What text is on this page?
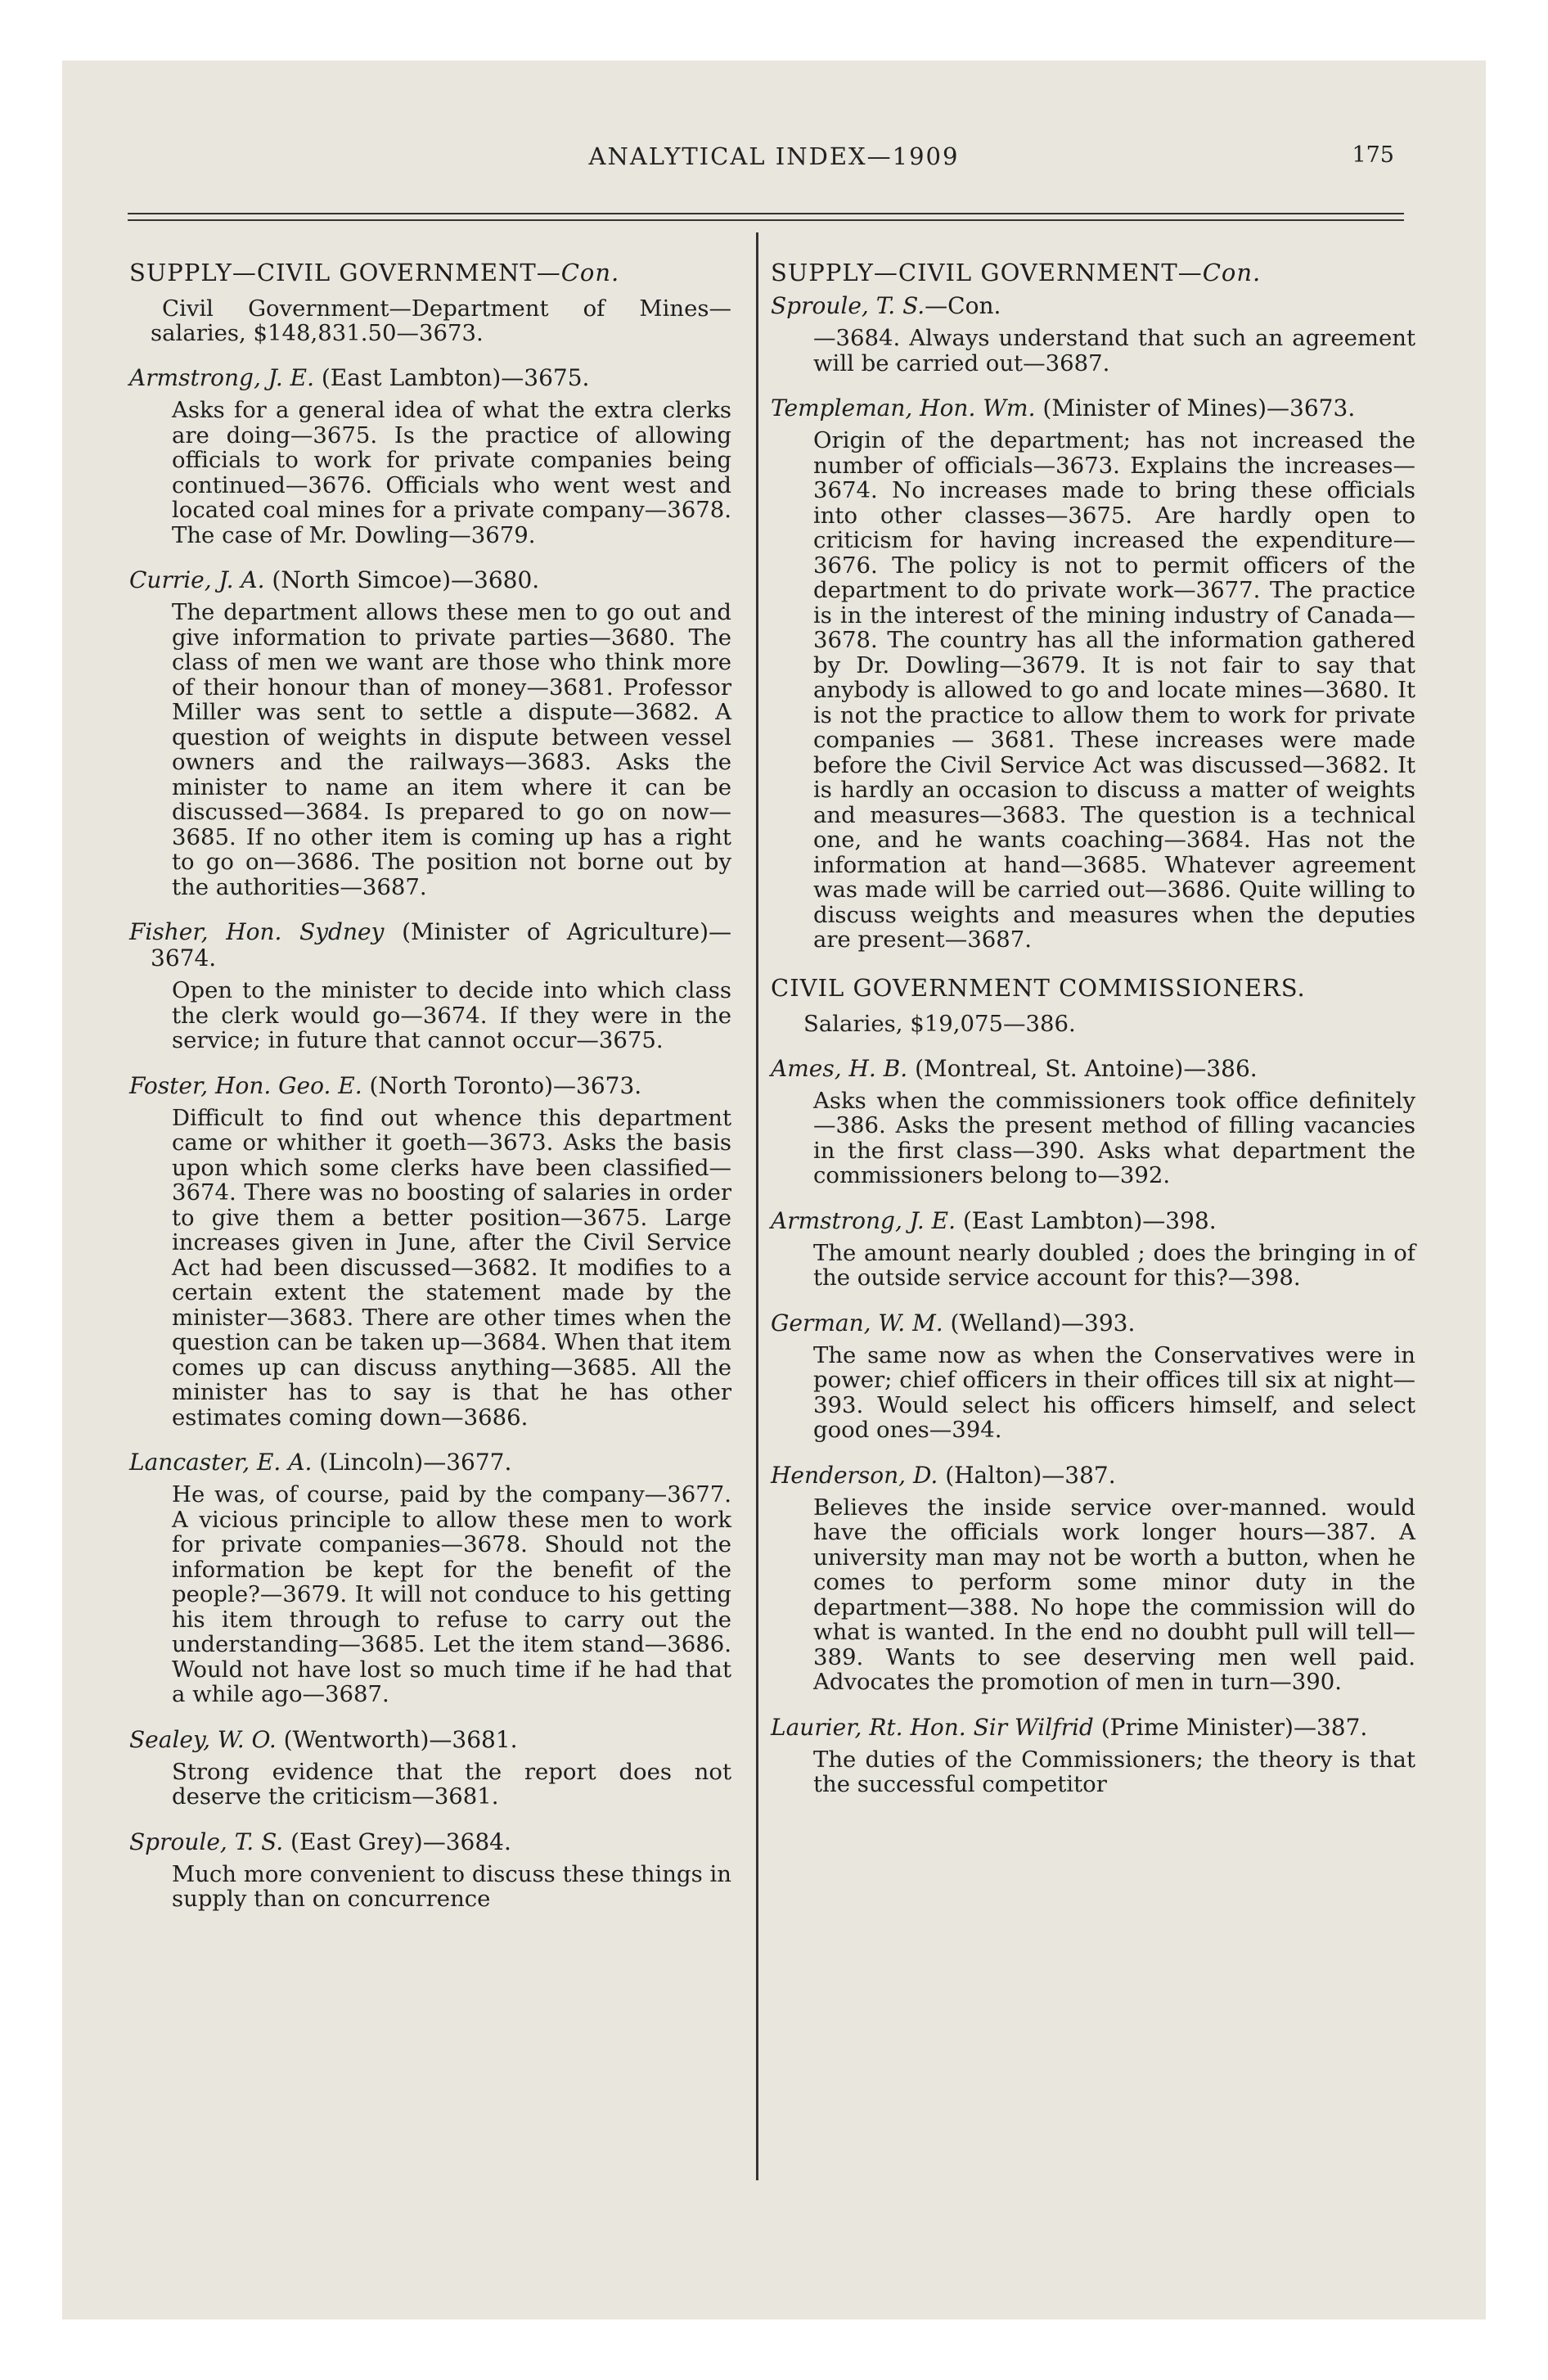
ANALYTICAL INDEX—1909	175
SUPPLY—CIVIL GOVERNMENT—Con.

Civil Government—Department of Mines—salaries, $148,831.50—3673.

Armstrong, J. E. (East Lambton)—3675.
Asks for a general idea of what the extra clerks are doing—3675. Is the practice of allowing officials to work for private companies being continued—3676. Officials who went west and located coal mines for a private company—3678. The case of Mr. Dowling—3679.
Currie, J. A. (North Simcoe)—3680.
The department allows these men to go out and give information to private parties—3680. The class of men we want are those who think more of their honour than of money—3681. Professor Miller was sent to settle a dispute—3682. A question of weights in dispute between vessel owners and the railways—3683. Asks the minister to name an item where it can be discussed—3684. Is prepared to go on now—3685. If no other item is coming up has a right to go on—3686. The position not borne out by the authorities—3687.
Fisher, Hon. Sydney (Minister of Agriculture)—3674.
Open to the minister to decide into which class the clerk would go—3674. If they were in the service; in future that cannot occur—3675.
Foster, Hon. Geo. E. (North Toronto)—3673.
Difficult to find out whence this department came or whither it goeth—3673. Asks the basis upon which some clerks have been classified—3674. There was no boosting of salaries in order to give them a better position—3675. Large increases given in June, after the Civil Service Act had been discussed—3682. It modifies to a certain extent the statement made by the minister—3683. There are other times when the question can be taken up—3684. When that item comes up can discuss anything—3685. All the minister has to say is that he has other estimates coming down—3686.
Lancaster, E. A. (Lincoln)—3677.
He was, of course, paid by the company—3677. A vicious principle to allow these men to work for private companies—3678. Should not the information be kept for the benefit of the people?—3679. It will not conduce to his getting his item through to refuse to carry out the understanding—3685. Let the item stand—3686. Would not have lost so much time if he had that a while ago—3687.
Sealey, W. O. (Wentworth)—3681.
Strong evidence that the report does not deserve the criticism—3681.
Sproule, T. S. (East Grey)—3684.
Much more convenient to discuss these things in supply than on concurrence
SUPPLY—CIVIL GOVERNMENT—Con.
Sproule, T. S.—Con.
—3684. Always understand that such an agreement will be carried out—3687.
Templeman, Hon. Wm. (Minister of Mines)—3673.
Origin of the department; has not increased the number of officials—3673. Explains the increases—3674. No increases made to bring these officials into other classes—3675. Are hardly open to criticism for having increased the expenditure—3676. The policy is not to permit officers of the department to do private work—3677. The practice is in the interest of the mining industry of Canada—3678. The country has all the information gathered by Dr. Dowling—3679. It is not fair to say that anybody is allowed to go and locate mines—3680. It is not the practice to allow them to work for private companies — 3681. These increases were made before the Civil Service Act was discussed—3682. It is hardly an occasion to discuss a matter of weights and measures—3683. The question is a technical one, and he wants coaching—3684. Has not the information at hand—3685. Whatever agreement was made will be carried out—3686. Quite willing to discuss weights and measures when the deputies are present—3687.
CIVIL GOVERNMENT COMMISSIONERS.

Salaries, $19,075—386.

Ames, H. B. (Montreal, St. Antoine)—386.
Asks when the commissioners took office definitely—386. Asks the present method of filling vacancies in the first class—390. Asks what department the commissioners belong to—392.
Armstrong, J. E. (East Lambton)—398.
The amount nearly doubled ; does the bringing in of the outside service account for this?—398.
German, W. M. (Welland)—393.
The same now as when the Conservatives were in power; chief officers in their offices till six at night—393. Would select his officers himself, and select good ones—394.
Henderson, D. (Halton)—387.
Believes the inside service over-manned. would have the officials work longer hours—387. A university man may not be worth a button, when he comes to perform some minor duty in the department—388. No hope the commission will do what is wanted. In the end no doubht pull will tell—389. Wants to see deserving men well paid. Advocates the promotion of men in turn—390.
Laurier, Rt. Hon. Sir Wilfrid (Prime Minister)—387.
The duties of the Commissioners; the theory is that the successful competitor
